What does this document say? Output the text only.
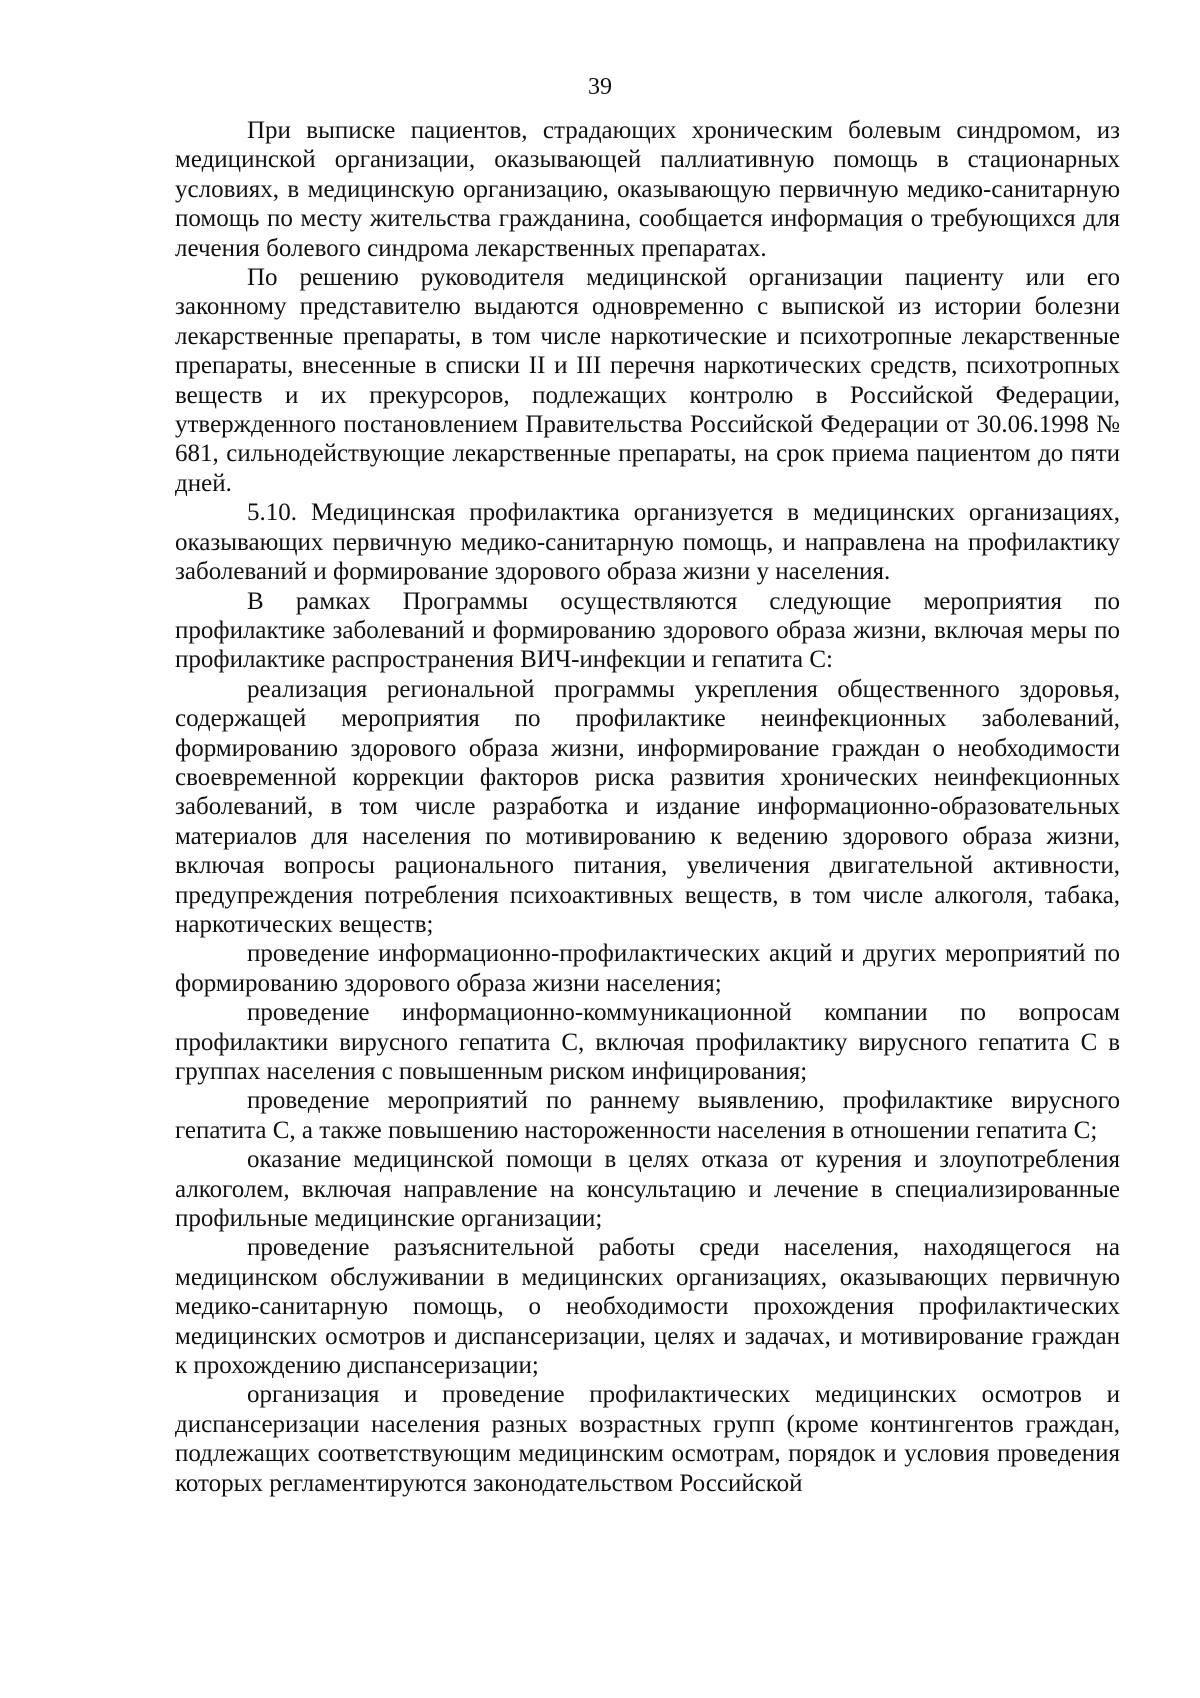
39

При выписке пациентов, страдающих хроническим болевым синдромом, из медицинской организации, оказывающей паллиативную помощь в стационарных условиях, в медицинскую организацию, оказывающую первичную медико-санитарную помощь по месту жительства гражданина, сообщается информация о требующихся для лечения болевого синдрома лекарственных препаратах.

По решению руководителя медицинской организации пациенту или его законному представителю выдаются одновременно с выпиской из истории болезни лекарственные препараты, в том числе наркотические и психотропные лекарственные препараты, внесенные в списки II и III перечня наркотических средств, психотропных веществ и их прекурсоров, подлежащих контролю в Российской Федерации, утвержденного постановлением Правительства Российской Федерации от 30.06.1998 № 681, сильнодействующие лекарственные препараты, на срок приема пациентом до пяти дней.

5.10. Медицинская профилактика организуется в медицинских организациях, оказывающих первичную медико-санитарную помощь, и направлена на профилактику заболеваний и формирование здорового образа жизни у населения.

В рамках Программы осуществляются следующие мероприятия по профилактике заболеваний и формированию здорового образа жизни, включая меры по профилактике распространения ВИЧ-инфекции и гепатита С:

реализация региональной программы укрепления общественного здоровья, содержащей мероприятия по профилактике неинфекционных заболеваний, формированию здорового образа жизни, информирование граждан о необходимости своевременной коррекции факторов риска развития хронических неинфекционных заболеваний, в том числе разработка и издание информационно-образовательных материалов для населения по мотивированию к ведению здорового образа жизни, включая вопросы рационального питания, увеличения двигательной активности, предупреждения потребления психоактивных веществ, в том числе алкоголя, табака, наркотических веществ;

проведение информационно-профилактических акций и других мероприятий по формированию здорового образа жизни населения;

проведение информационно-коммуникационной компании по вопросам профилактики вирусного гепатита С, включая профилактику вирусного гепатита С в группах населения с повышенным риском инфицирования;

проведение мероприятий по раннему выявлению, профилактике вирусного гепатита С, а также повышению настороженности населения в отношении гепатита С;

оказание медицинской помощи в целях отказа от курения и злоупотребления алкоголем, включая направление на консультацию и лечение в специализированные профильные медицинские организации;

проведение разъяснительной работы среди населения, находящегося на медицинском обслуживании в медицинских организациях, оказывающих первичную медико-санитарную помощь, о необходимости прохождения профилактических медицинских осмотров и диспансеризации, целях и задачах, и мотивирование граждан к прохождению диспансеризации;

организация и проведение профилактических медицинских осмотров и диспансеризации населения разных возрастных групп (кроме контингентов граждан, подлежащих соответствующим медицинским осмотрам, порядок и условия проведения которых регламентируются законодательством Российской
